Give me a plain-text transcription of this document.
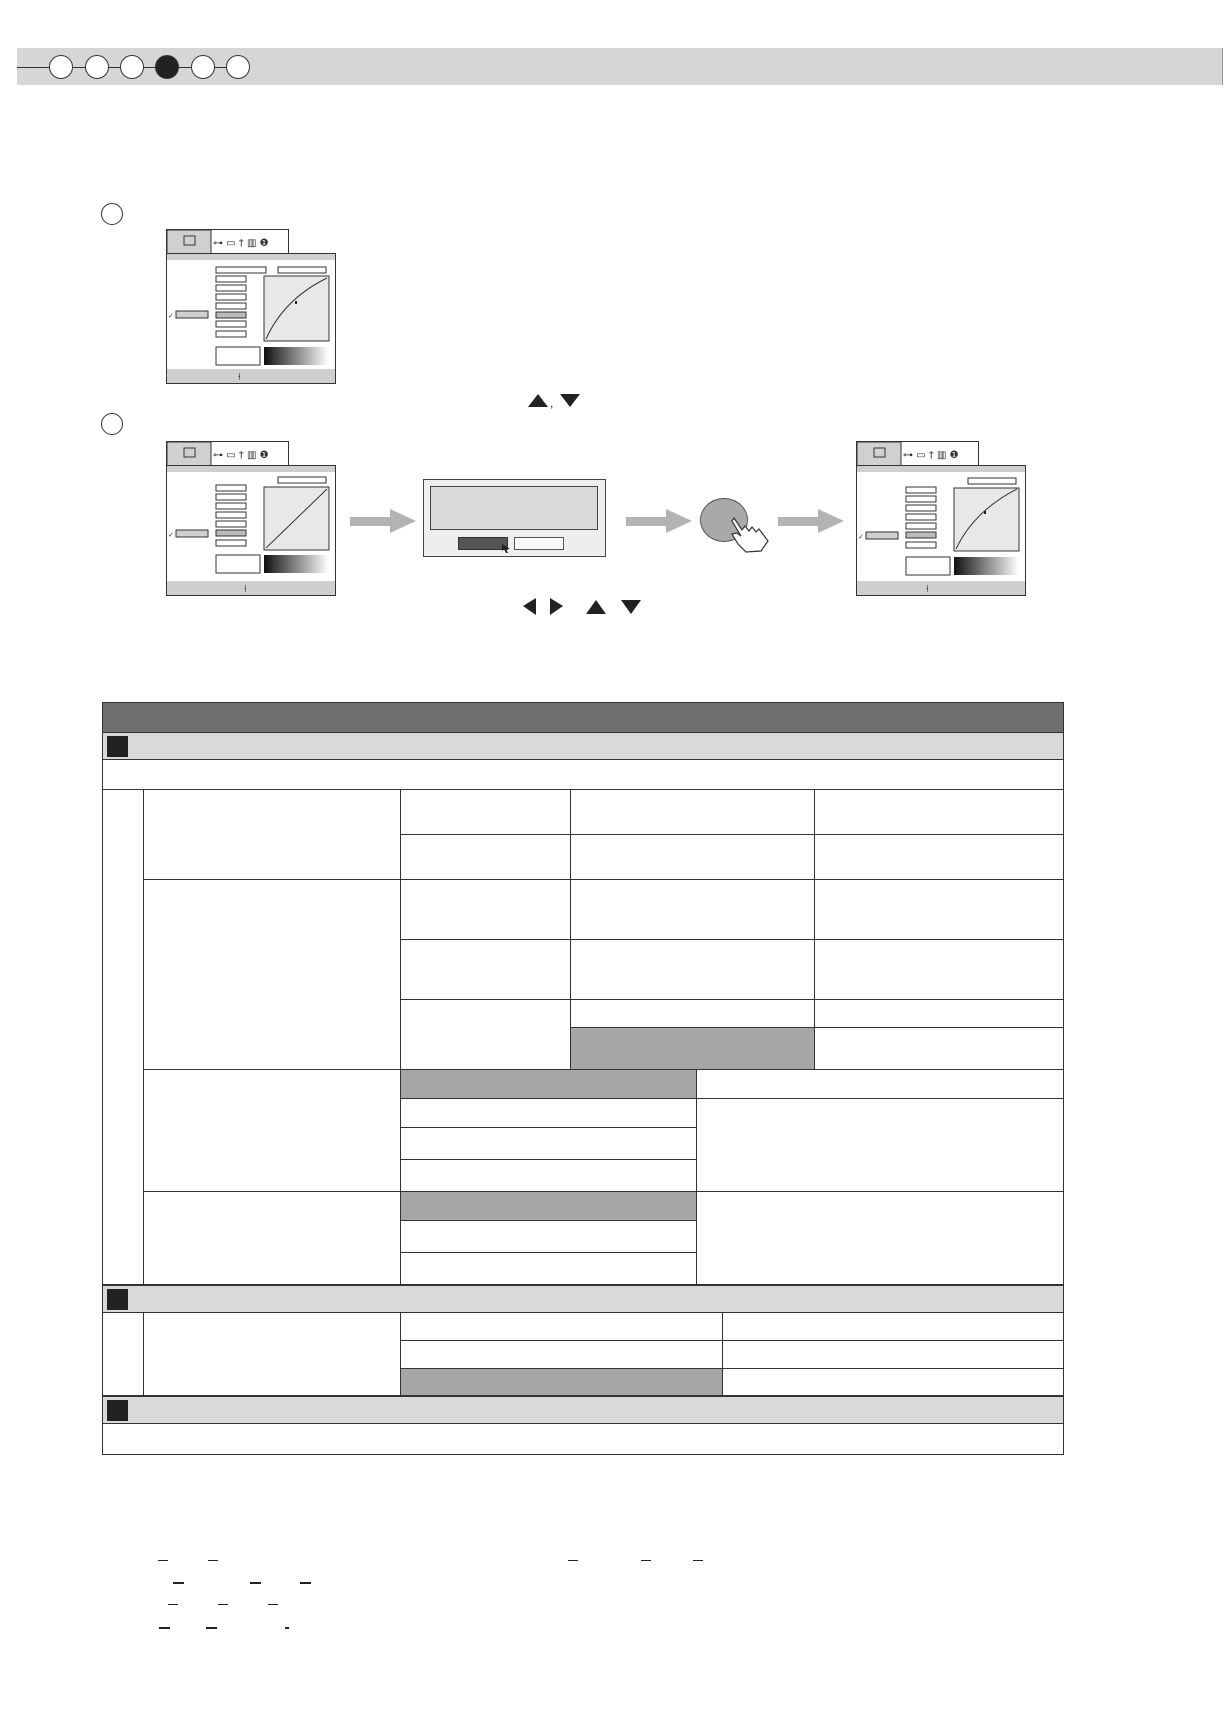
⊶ ▭ † ▥ ❶
✓
⍿
⊶ ▭ † ▥ ❶
✓
⍿
⊶ ▭ † ▥ ❶
✓
⍿
,
